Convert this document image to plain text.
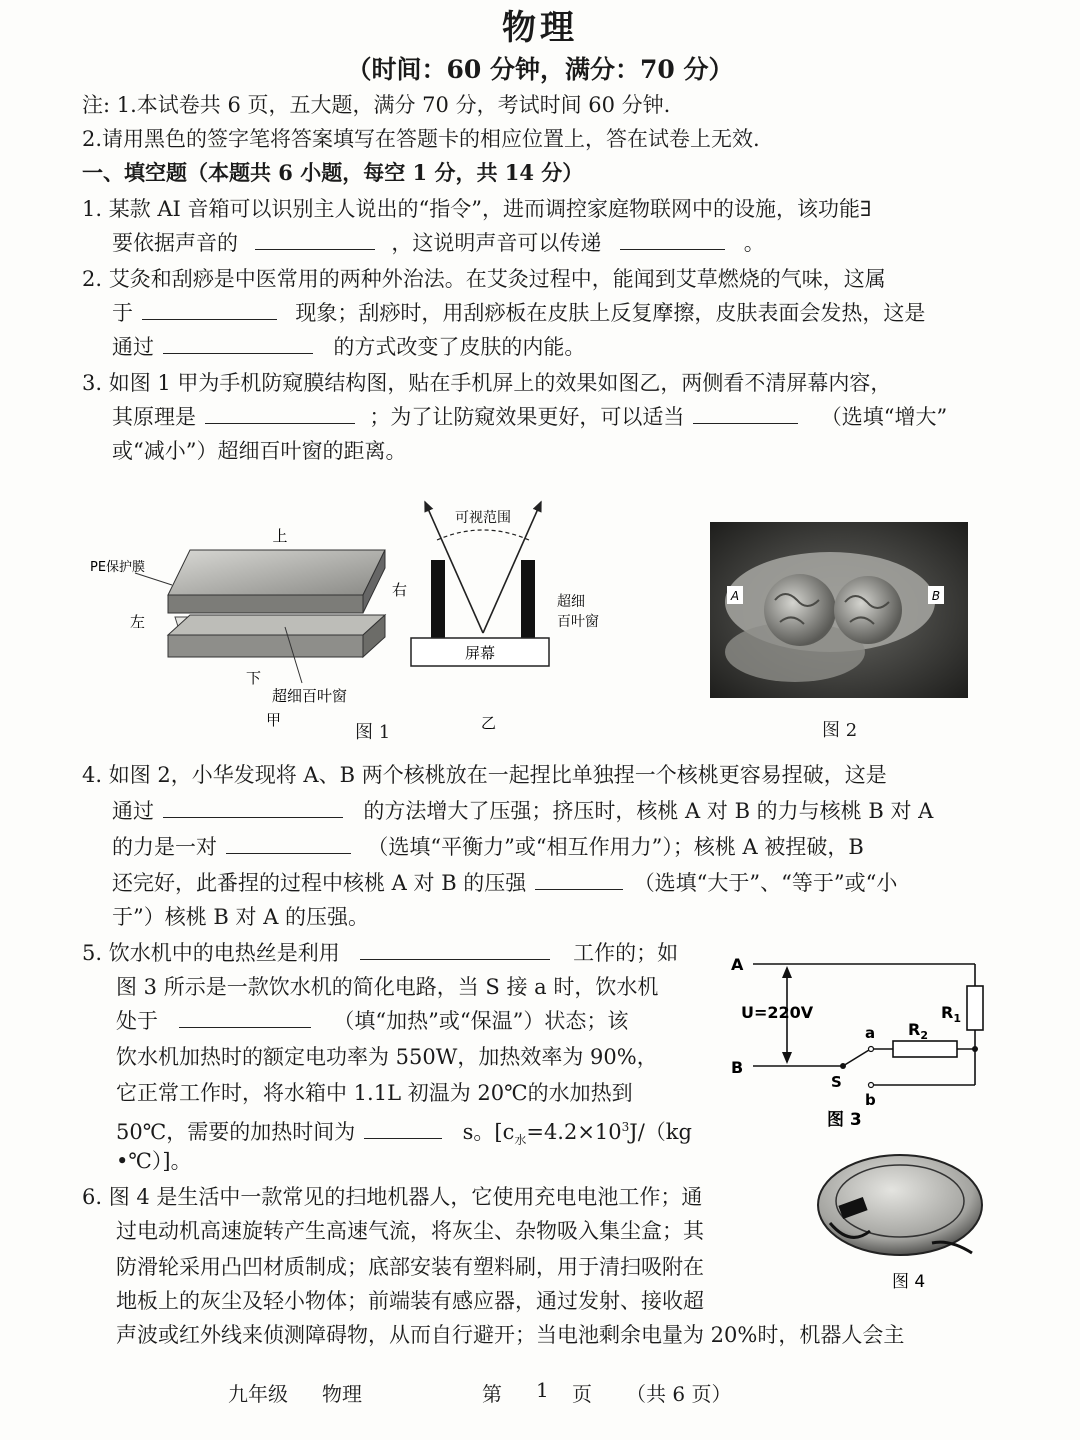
物理
（时间：60 分钟，满分：70 分）
注: 1.本试卷共 6 页，五大题，满分 70 分，考试时间 60 分钟.
2.请用黑色的签字笔将答案填写在答题卡的相应位置上，答在试卷上无效.
一、填空题（本题共 6 小题，每空 1 分，共 14 分）
1. 某款 AI 音箱可以识别主人说出的“指令”，进而调控家庭物联网中的设施，该功能∃
要依据声音的	，这说明声音可以传递	。
2. 艾灸和刮痧是中医常用的两种外治法。在艾灸过程中，能闻到艾草燃烧的气味，这属
于	现象；刮痧时，用刮痧板在皮肤上反复摩擦，皮肤表面会发热，这是
通过	的方式改变了皮肤的内能。
3. 如图 1 甲为手机防窥膜结构图，贴在手机屏上的效果如图乙，两侧看不清屏幕内容，
其原理是	；为了让防窥效果更好，可以适当	（选填“增大”
或“减小”）超细百叶窗的距离。
上
PE保护膜
左
右
下
超细百叶窗
甲
可视范围
屏幕
超细
百叶窗
乙
图 1
A	B
图 2
4. 如图 2，小华发现将 A、B 两个核桃放在一起捏比单独捏一个核桃更容易捏破，这是
通过	的方法增大了压强；挤压时，核桃 A 对 B 的力与核桃 B 对 A
的力是一对	（选填“平衡力”或“相互作用力”）；核桃 A 被捏破，B
还完好，此番捏的过程中核桃 A 对 B 的压强	（选填“大于”、“等于”或“小
于”）核桃 B 对 A 的压强。
5. 饮水机中的电热丝是利用	工作的；如
图 3 所示是一款饮水机的简化电路，当 S 接 a 时，饮水机
处于	（填“加热”或“保温”）状态；该
饮水机加热时的额定电功率为 550W，加热效率为 90%，
它正常工作时，将水箱中 1.1L 初温为 20℃的水加热到
50℃，需要的加热时间为	s。[$c_水=4.2\times 10^3J/(kg$
•℃）]。
A
B
U=220V	$R_1$
$R_2$
a
b
S
图 3
6. 图 4 是生活中一款常见的扫地机器人，它使用充电电池工作；通
过电动机高速旋转产生高速气流，将灰尘、杂物吸入集尘盒；其
防滑轮采用凸凹材质制成；底部安装有塑料刷，用于清扫吸附在
地板上的灰尘及轻小物体；前端装有感应器，通过发射、接收超
声波或红外线来侦测障碍物，从而自行避开；当电池剩余电量为 20%时，机器人会主
图 4
九年级 物理	第 1 页 （共 6 页）
